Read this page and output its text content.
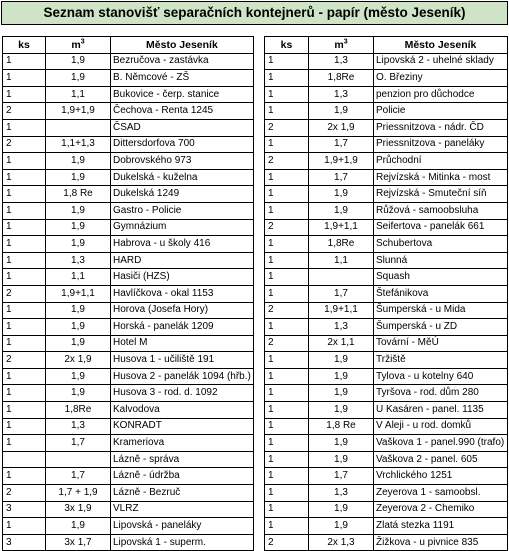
Seznam stanovišť separačních kontejnerů - papír (město Jeseník)
ks	$m^3$	Město Jeseník
1	1,9	Bezručova - zastávka
1	1,9	B. Němcové - ZŠ
1	1,1	Bukovice - čerp. stanice
2	1,9+1,9	Čechova - Renta 1245
1		ČSAD
2	1,1+1,3	Dittersdorfova 700
1	1,9	Dobrovského 973
1	1,9	Dukelská - kuželna
1	1,8 Re	Dukelská 1249
1	1,9	Gastro - Policie
1	1,9	Gymnázium
1	1,9	Habrova - u školy 416
1	1,3	HARD
1	1,1	Hasiči (HZS)
2	1,9+1,1	Havlíčkova - okal 1153
1	1,9	Horova (Josefa Hory)
1	1,9	Horská - panelák 1209
1	1,9	Hotel M
2	2x 1,9	Husova 1 - učiliště 191
1	1,9	Husova 2 - panelák 1094 (hřb.)
1	1,9	Husova 3 - rod. d. 1092
1	1,8Re	Kalvodova
1	1,3	KONRADT
1	1,7	Krameriova
		Lázně - správa
1	1,7	Lázně - údržba
2	1,7 + 1,9	Lázně - Bezruč
3	3x 1,9	VLRZ
1	1,9	Lipovská - paneláky
3	3x 1,7	Lipovská 1 - superm.
ks	$m^3$	Město Jeseník
1	1,3	Lipovská 2 - uhelné sklady
1	1,8Re	O. Březiny
1	1,3	penzion pro důchodce
1	1,9	Policie
2	2x 1,9	Priessnitzova - nádr. ČD
1	1,7	Priessnitzova - paneláky
2	1,9+1,9	Průchodní
1	1,7	Rejvízská - Mitinka - most
1	1,9	Rejvízská - Smuteční síň
1	1,9	Růžová - samoobsluha
2	1,9+1,1	Seifertova - panelák 661
1	1,8Re	Schubertova
1	1,1	Slunná
1		Squash
1	1,7	Štefánikova
2	1,9+1,1	Šumperská - u Mida
1	1,3	Šumperská - u ZD
2	2x 1,1	Tovární - MěÚ
1	1,9	Tržiště
1	1,9	Tylova - u kotelny 640
1	1,9	Tyršova - rod. dům 280
1	1,9	U Kasáren - panel. 1135
1	1,8 Re	V Aleji - u rod. domků
1	1,9	Vaškova 1 - panel.990 (trafo)
1	1,9	Vaškova 2 - panel. 605
1	1,7	Vrchlického 1251
1	1,3	Zeyerova 1 - samoobsl.
1	1,9	Zeyerova 2 - Chemiko
1	1,9	Zlatá stezka 1191
2	2x 1,3	Žižkova - u pivnice 835
